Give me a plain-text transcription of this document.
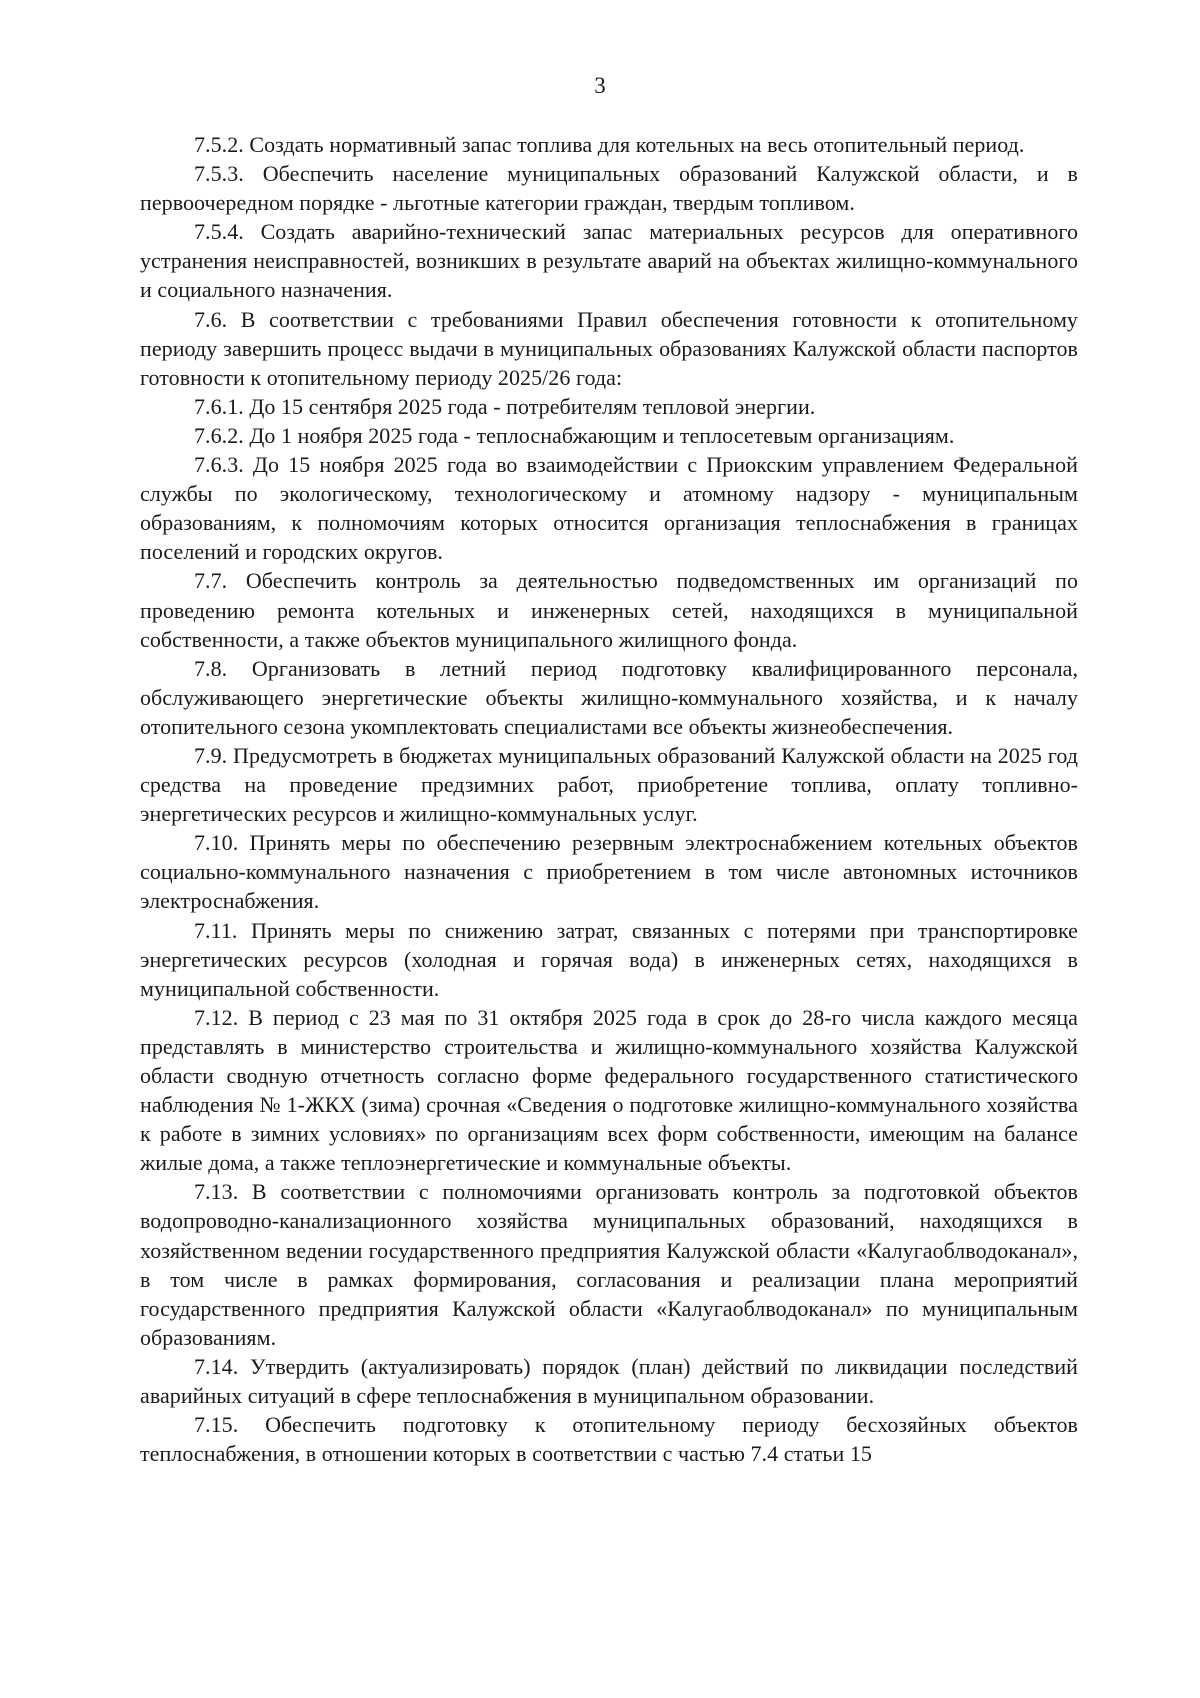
3

7.5.2. Создать нормативный запас топлива для котельных на весь отопительный период.

7.5.3. Обеспечить население муниципальных образований Калужской области, и в первоочередном порядке - льготные категории граждан, твердым топливом.

7.5.4. Создать аварийно-технический запас материальных ресурсов для оперативного устранения неисправностей, возникших в результате аварий на объектах жилищно-коммунального и социального назначения.

7.6. В соответствии с требованиями Правил обеспечения готовности к отопительному периоду завершить процесс выдачи в муниципальных образованиях Калужской области паспортов готовности к отопительному периоду 2025/26 года:

7.6.1. До 15 сентября 2025 года - потребителям тепловой энергии.

7.6.2. До 1 ноября 2025 года - теплоснабжающим и теплосетевым организациям.

7.6.3. До 15 ноября 2025 года во взаимодействии с Приокским управлением Федеральной службы по экологическому, технологическому и атомному надзору - муниципальным образованиям, к полномочиям которых относится организация теплоснабжения в границах поселений и городских округов.

7.7. Обеспечить контроль за деятельностью подведомственных им организаций по проведению ремонта котельных и инженерных сетей, находящихся в муниципальной собственности, а также объектов муниципального жилищного фонда.

7.8. Организовать в летний период подготовку квалифицированного персонала, обслуживающего энергетические объекты жилищно-коммунального хозяйства, и к началу отопительного сезона укомплектовать специалистами все объекты жизнеобеспечения.

7.9. Предусмотреть в бюджетах муниципальных образований Калужской области на 2025 год средства на проведение предзимних работ, приобретение топлива, оплату топливно-энергетических ресурсов и жилищно-коммунальных услуг.

7.10. Принять меры по обеспечению резервным электроснабжением котельных объектов социально-коммунального назначения с приобретением в том числе автономных источников электроснабжения.

7.11. Принять меры по снижению затрат, связанных с потерями при транспортировке энергетических ресурсов (холодная и горячая вода) в инженерных сетях, находящихся в муниципальной собственности.

7.12. В период с 23 мая по 31 октября 2025 года в срок до 28-го числа каждого месяца представлять в министерство строительства и жилищно-коммунального хозяйства Калужской области сводную отчетность согласно форме федерального государственного статистического наблюдения № 1-ЖКХ (зима) срочная «Сведения о подготовке жилищно-коммунального хозяйства к работе в зимних условиях» по организациям всех форм собственности, имеющим на балансе жилые дома, а также теплоэнергетические и коммунальные объекты.

7.13. В соответствии с полномочиями организовать контроль за подготовкой объектов водопроводно-канализационного хозяйства муниципальных образований, находящихся в хозяйственном ведении государственного предприятия Калужской области «Калугаоблводоканал», в том числе в рамках формирования, согласования и реализации плана мероприятий государственного предприятия Калужской области «Калугаоблводоканал» по муниципальным образованиям.

7.14. Утвердить (актуализировать) порядок (план) действий по ликвидации последствий аварийных ситуаций в сфере теплоснабжения в муниципальном образовании.

7.15. Обеспечить подготовку к отопительному периоду бесхозяйных объектов теплоснабжения, в отношении которых в соответствии с частью 7.4 статьи 15
